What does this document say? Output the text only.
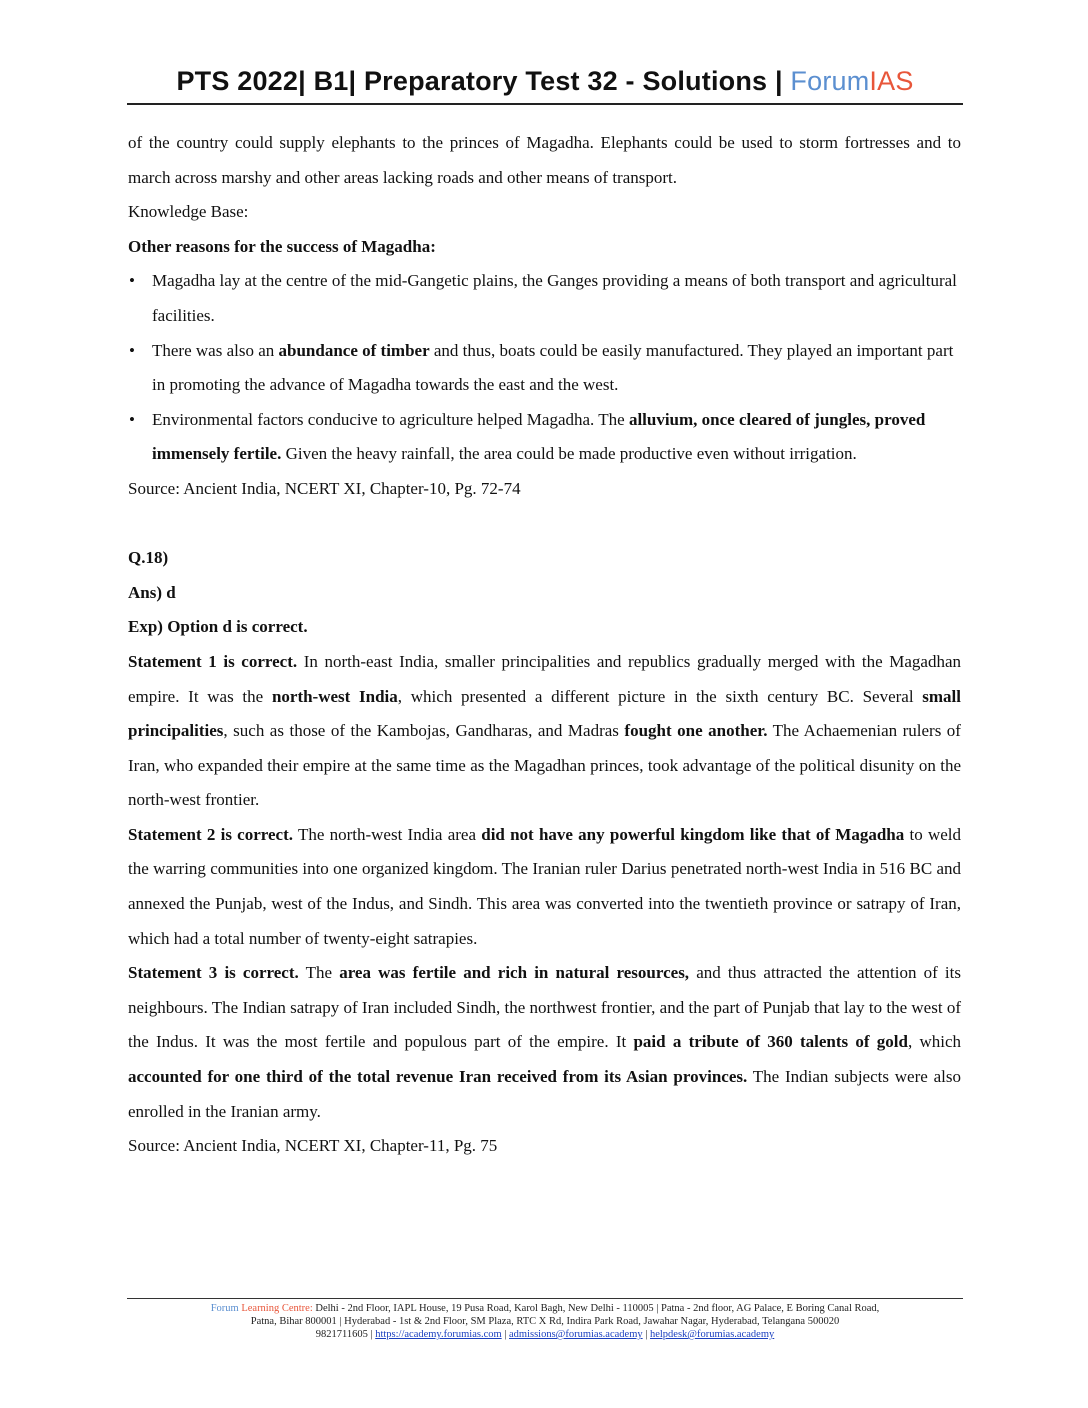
PTS 2022| B1| Preparatory Test 32 - Solutions | ForumIAS

of the country could supply elephants to the princes of Magadha. Elephants could be used to storm fortresses and to march across marshy and other areas lacking roads and other means of transport.

Knowledge Base:

Other reasons for the success of Magadha:

• Magadha lay at the centre of the mid-Gangetic plains, the Ganges providing a means of both transport and agricultural facilities.
• There was also an abundance of timber and thus, boats could be easily manufactured. They played an important part in promoting the advance of Magadha towards the east and the west.
• Environmental factors conducive to agriculture helped Magadha. The alluvium, once cleared of jungles, proved immensely fertile. Given the heavy rainfall, the area could be made productive even without irrigation.

Source: Ancient India, NCERT XI, Chapter-10, Pg. 72-74

Q.18)

Ans) d

Exp) Option d is correct.

Statement 1 is correct. In north-east India, smaller principalities and republics gradually merged with the Magadhan empire. It was the north-west India, which presented a different picture in the sixth century BC. Several small principalities, such as those of the Kambojas, Gandharas, and Madras fought one another. The Achaemenian rulers of Iran, who expanded their empire at the same time as the Magadhan princes, took advantage of the political disunity on the north-west frontier.

Statement 2 is correct. The north-west India area did not have any powerful kingdom like that of Magadha to weld the warring communities into one organized kingdom. The Iranian ruler Darius penetrated north-west India in 516 BC and annexed the Punjab, west of the Indus, and Sindh. This area was converted into the twentieth province or satrapy of Iran, which had a total number of twenty-eight satrapies.

Statement 3 is correct. The area was fertile and rich in natural resources, and thus attracted the attention of its neighbours. The Indian satrapy of Iran included Sindh, the northwest frontier, and the part of Punjab that lay to the west of the Indus. It was the most fertile and populous part of the empire. It paid a tribute of 360 talents of gold, which accounted for one third of the total revenue Iran received from its Asian provinces. The Indian subjects were also enrolled in the Iranian army.

Source: Ancient India, NCERT XI, Chapter-11, Pg. 75

Forum Learning Centre: Delhi - 2nd Floor, IAPL House, 19 Pusa Road, Karol Bagh, New Delhi - 110005 | Patna - 2nd floor, AG Palace, E Boring Canal Road,
Patna, Bihar 800001 | Hyderabad - 1st & 2nd Floor, SM Plaza, RTC X Rd, Indira Park Road, Jawahar Nagar, Hyderabad, Telangana 500020
9821711605 | https://academy.forumias.com | admissions@forumias.academy | helpdesk@forumias.academy
